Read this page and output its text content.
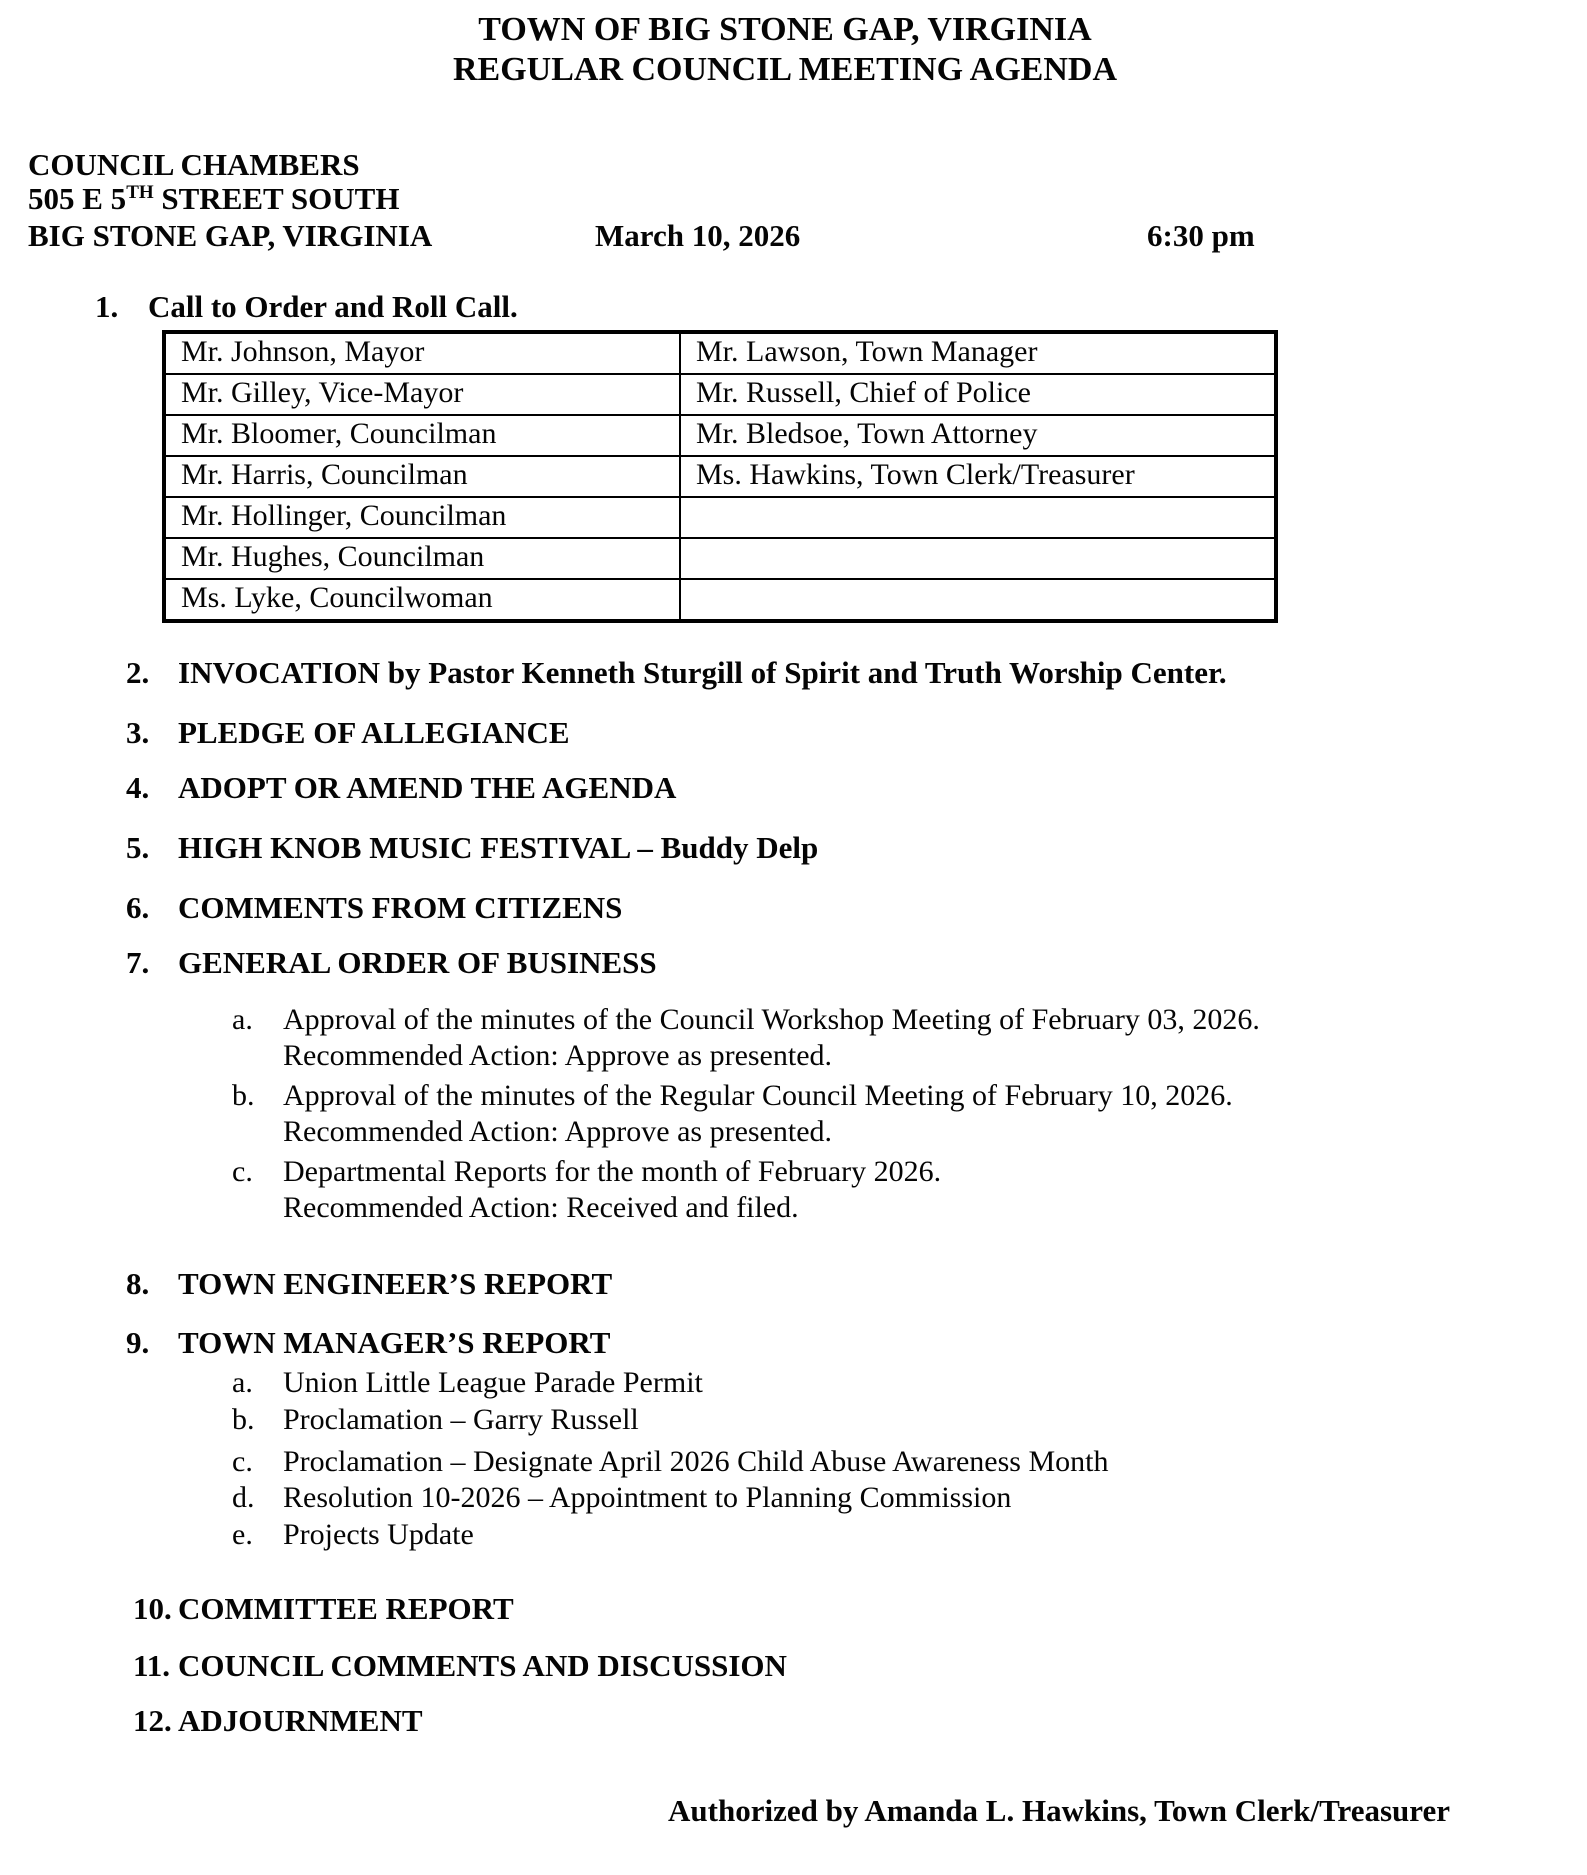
TOWN OF BIG STONE GAP, VIRGINIA
REGULAR COUNCIL MEETING AGENDA
COUNCIL CHAMBERS
505 E 5TH STREET SOUTH
BIG STONE GAP, VIRGINIA	March 10, 2026	6:30 pm
1. Call to Order and Roll Call.
Mr. Johnson, Mayor	Mr. Lawson, Town Manager
Mr. Gilley, Vice-Mayor	Mr. Russell, Chief of Police
Mr. Bloomer, Councilman	Mr. Bledsoe, Town Attorney
Mr. Harris, Councilman	Ms. Hawkins, Town Clerk/Treasurer
Mr. Hollinger, Councilman	
Mr. Hughes, Councilman	
Ms. Lyke, Councilwoman	
2. INVOCATION by Pastor Kenneth Sturgill of Spirit and Truth Worship Center.
3. PLEDGE OF ALLEGIANCE
4. ADOPT OR AMEND THE AGENDA
5. HIGH KNOB MUSIC FESTIVAL – Buddy Delp
6. COMMENTS FROM CITIZENS
7. GENERAL ORDER OF BUSINESS
a. Approval of the minutes of the Council Workshop Meeting of February 03, 2026.
Recommended Action: Approve as presented.
b. Approval of the minutes of the Regular Council Meeting of February 10, 2026.
Recommended Action: Approve as presented.
c. Departmental Reports for the month of February 2026.
Recommended Action: Received and filed.
8. TOWN ENGINEER’S REPORT
9. TOWN MANAGER’S REPORT
a. Union Little League Parade Permit
b. Proclamation – Garry Russell
c. Proclamation – Designate April 2026 Child Abuse Awareness Month
d. Resolution 10-2026 – Appointment to Planning Commission
e. Projects Update
10. COMMITTEE REPORT
11. COUNCIL COMMENTS AND DISCUSSION
12. ADJOURNMENT
Authorized by Amanda L. Hawkins, Town Clerk/Treasurer
